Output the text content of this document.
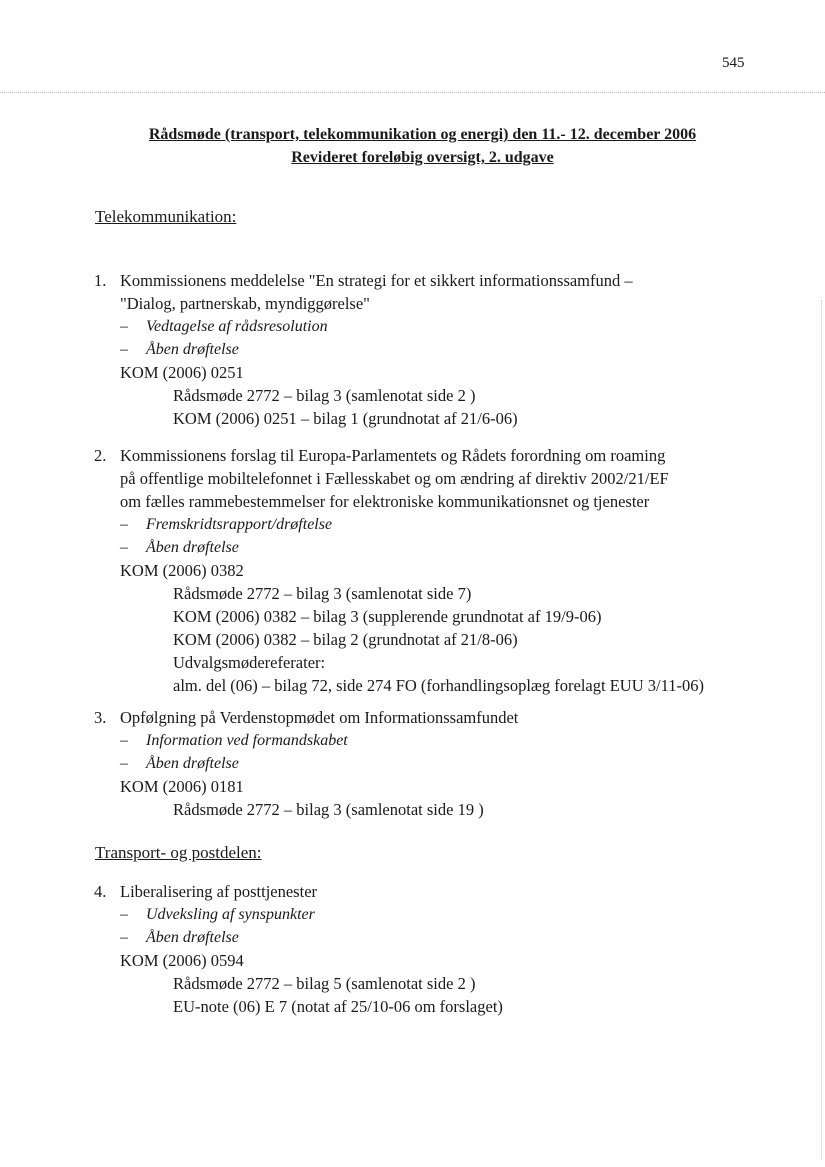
545
Rådsmøde (transport, telekommunikation og energi) den 11.- 12. december 2006
Revideret foreløbig oversigt, 2. udgave
Telekommunikation:
1. Kommissionens meddelelse "En strategi for et sikkert informationssamfund –
"Dialog, partnerskab, myndiggørelse"
– Vedtagelse af rådsresolution
– Åben drøftelse
KOM (2006) 0251
Rådsmøde 2772 – bilag 3 (samlenotat side 2 )
KOM (2006) 0251 – bilag 1 (grundnotat af 21/6-06)
2. Kommissionens forslag til Europa-Parlamentets og Rådets forordning om roaming
på offentlige mobiltelefonnet i Fællesskabet og om ændring af direktiv 2002/21/EF
om fælles rammebestemmelser for elektroniske kommunikationsnet og tjenester
– Fremskridtsrapport/drøftelse
– Åben drøftelse
KOM (2006) 0382
Rådsmøde 2772 – bilag 3 (samlenotat side 7)
KOM (2006) 0382 – bilag 3 (supplerende grundnotat af 19/9-06)
KOM (2006) 0382 – bilag 2 (grundnotat af 21/8-06)
Udvalgsmødereferater:
alm. del (06) – bilag 72, side 274 FO (forhandlingsoplæg forelagt EUU 3/11-06)
3. Opfølgning på Verdenstopmødet om Informationssamfundet
– Information ved formandskabet
– Åben drøftelse
KOM (2006) 0181
Rådsmøde 2772 – bilag 3 (samlenotat side 19 )
Transport- og postdelen:
4. Liberalisering af posttjenester
– Udveksling af synspunkter
– Åben drøftelse
KOM (2006) 0594
Rådsmøde 2772 – bilag 5 (samlenotat side 2 )
EU-note (06) E 7 (notat af 25/10-06 om forslaget)
